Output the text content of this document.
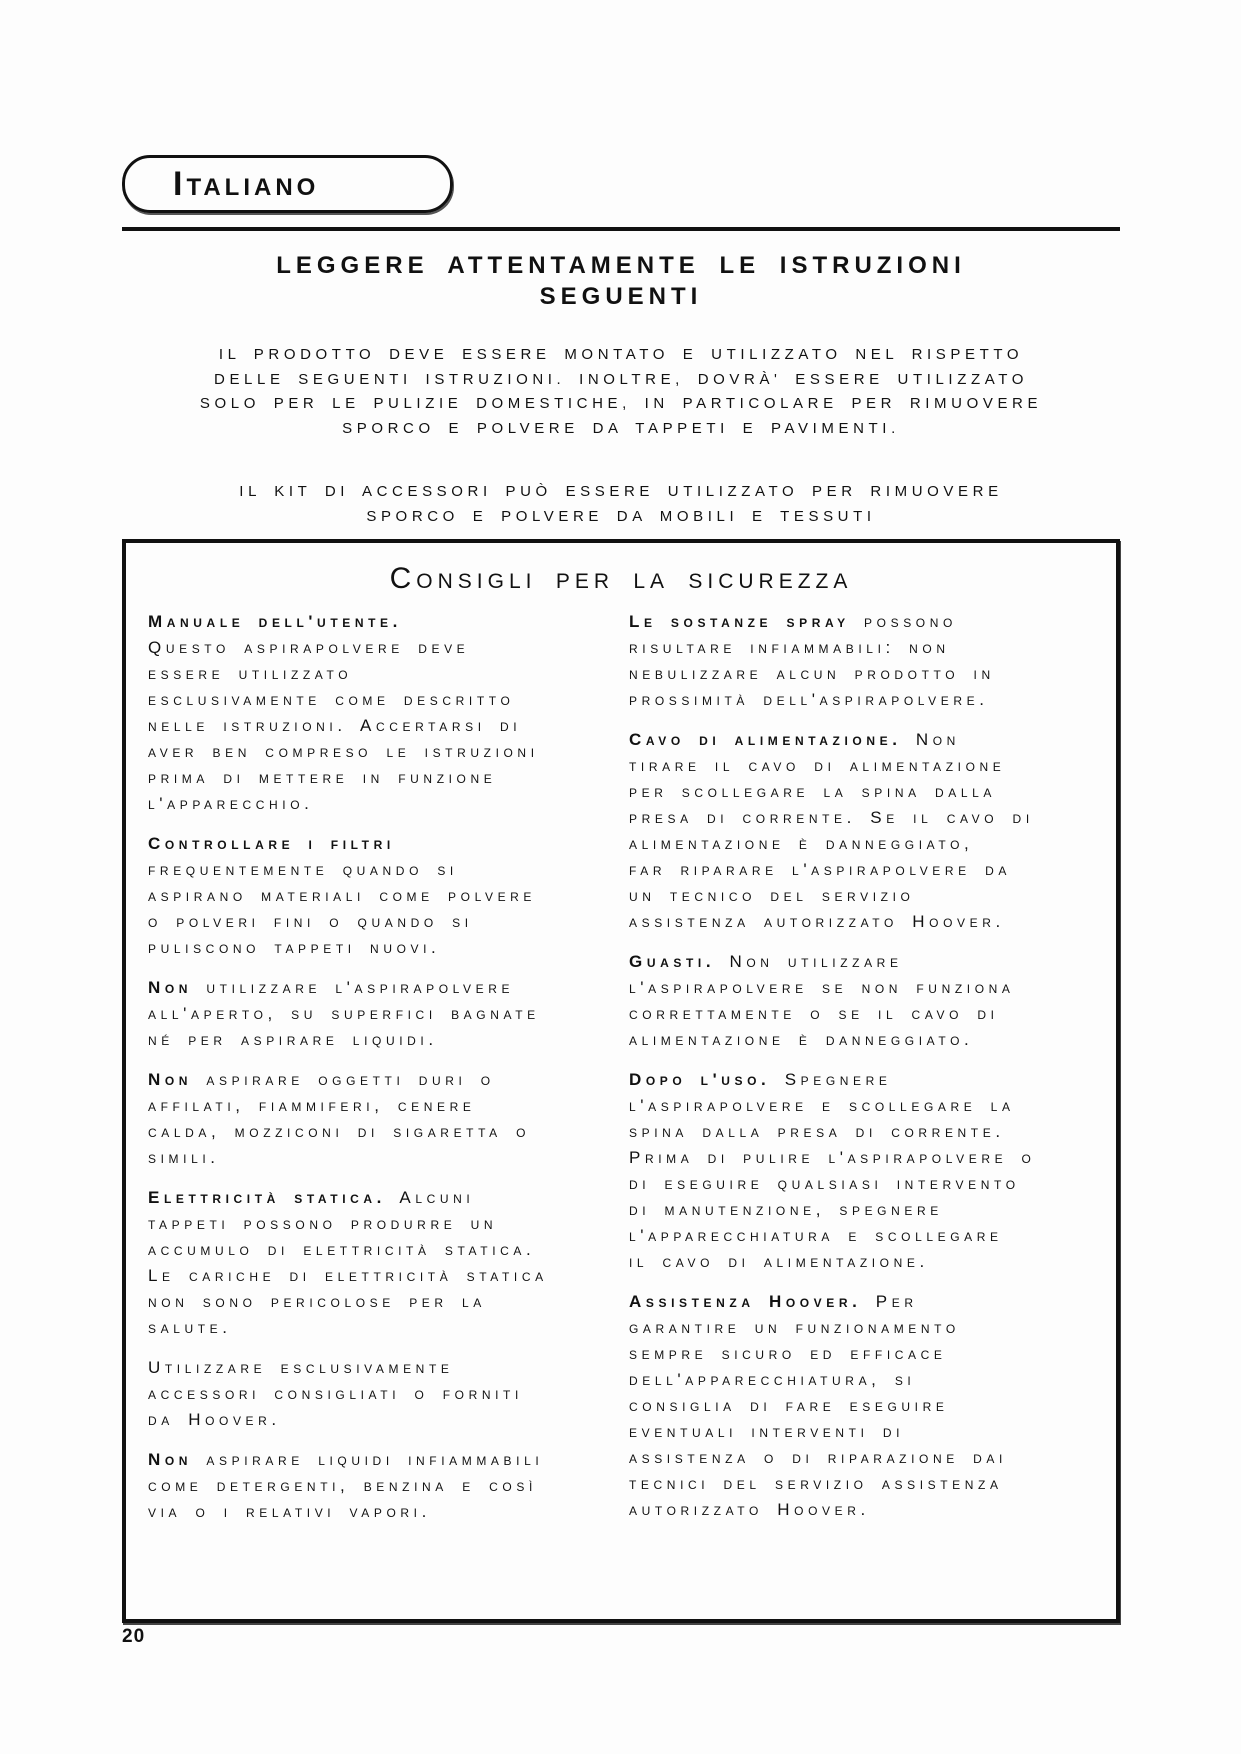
Italiano
LEGGERE ATTENTAMENTE LE ISTRUZIONI
SEGUENTI
IL PRODOTTO DEVE ESSERE MONTATO E UTILIZZATO NEL RISPETTO
DELLE SEGUENTI ISTRUZIONI. INOLTRE, DOVRÀ' ESSERE UTILIZZATO
SOLO PER LE PULIZIE DOMESTICHE, IN PARTICOLARE PER RIMUOVERE
SPORCO E POLVERE DA TAPPETI E PAVIMENTI.
IL KIT DI ACCESSORI PUÒ ESSERE UTILIZZATO PER RIMUOVERE
SPORCO E POLVERE DA MOBILI E TESSUTI
Consigli per la sicurezza
Manuale dell'utente.
Questo aspirapolvere deve
essere utilizzato
esclusivamente come descritto
nelle istruzioni. Accertarsi di
aver ben compreso le istruzioni
prima di mettere in funzione
l'apparecchio.
Controllare i filtri
frequentemente quando si
aspirano materiali come polvere
o polveri fini o quando si
puliscono tappeti nuovi.
Non utilizzare l'aspirapolvere
all'aperto, su superfici bagnate
né per aspirare liquidi.
Non aspirare oggetti duri o
affilati, fiammiferi, cenere
calda, mozziconi di sigaretta o
simili.
Elettricità statica. Alcuni
tappeti possono produrre un
accumulo di elettricità statica.
Le cariche di elettricità statica
non sono pericolose per la
salute.
Utilizzare esclusivamente
accessori consigliati o forniti
da Hoover.
Non aspirare liquidi infiammabili
come detergenti, benzina e così
via o i relativi vapori.
Le sostanze spray possono
risultare infiammabili: non
nebulizzare alcun prodotto in
prossimità dell'aspirapolvere.
Cavo di alimentazione. Non
tirare il cavo di alimentazione
per scollegare la spina dalla
presa di corrente. Se il cavo di
alimentazione è danneggiato,
far riparare l'aspirapolvere da
un tecnico del servizio
assistenza autorizzato Hoover.
Guasti. Non utilizzare
l'aspirapolvere se non funziona
correttamente o se il cavo di
alimentazione è danneggiato.
Dopo l'uso. Spegnere
l'aspirapolvere e scollegare la
spina dalla presa di corrente.
Prima di pulire l'aspirapolvere o
di eseguire qualsiasi intervento
di manutenzione, spegnere
l'apparecchiatura e scollegare
il cavo di alimentazione.
Assistenza Hoover. Per
garantire un funzionamento
sempre sicuro ed efficace
dell'apparecchiatura, si
consiglia di fare eseguire
eventuali interventi di
assistenza o di riparazione dai
tecnici del servizio assistenza
autorizzato Hoover.
20
